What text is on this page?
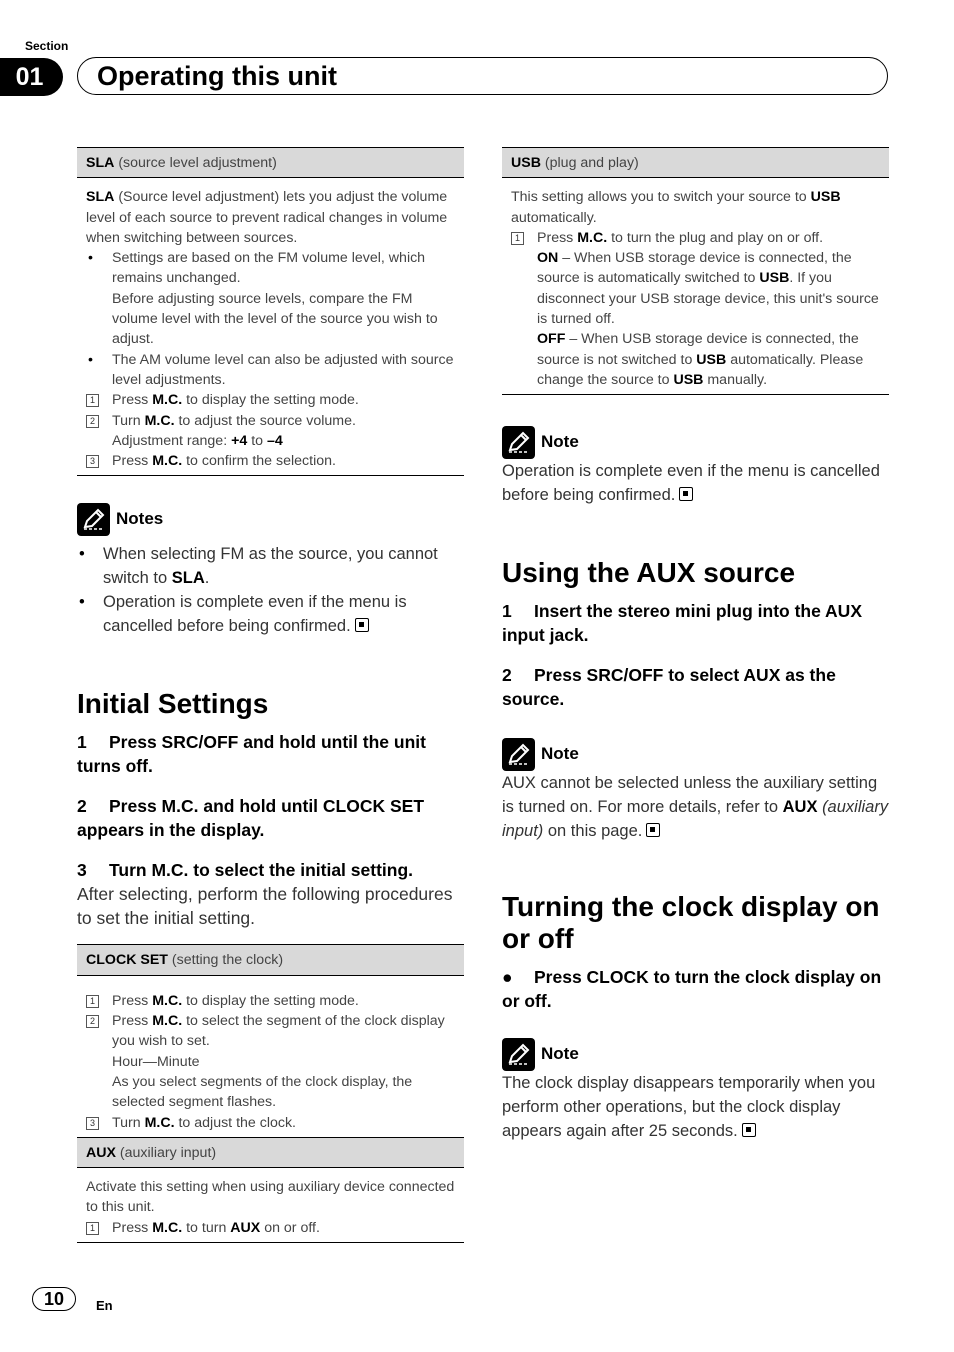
Section
01	Operating this unit
SLA (source level adjustment)

SLA (Source level adjustment) lets you adjust the volume level of each source to prevent radical changes in volume when switching between sources.

• Settings are based on the FM volume level, which remains unchanged.
Before adjusting source levels, compare the FM volume level with the level of the source you wish to adjust.
• The AM volume level can also be adjusted with source level adjustments.
1 Press M.C. to display the setting mode.
2 Turn M.C. to adjust the source volume.
Adjustment range: +4 to –4
3 Press M.C. to confirm the selection.
Notes
• When selecting FM as the source, you cannot switch to SLA.
• Operation is complete even if the menu is cancelled before being confirmed.
Initial Settings

1 Press SRC/OFF and hold until the unit turns off.

2 Press M.C. and hold until CLOCK SET appears in the display.

3 Turn M.C. to select the initial setting.

After selecting, perform the following procedures to set the initial setting.

CLOCK SET (setting the clock)
1 Press M.C. to display the setting mode.
2 Press M.C. to select the segment of the clock display you wish to set.
Hour—Minute
As you select segments of the clock display, the selected segment flashes.
3 Turn M.C. to adjust the clock.
AUX (auxiliary input)

Activate this setting when using auxiliary device connected to this unit.

1 Press M.C. to turn AUX on or off.
USB (plug and play)

This setting allows you to switch your source to USB automatically.

1 Press M.C. to turn the plug and play on or off.
ON – When USB storage device is connected, the source is automatically switched to USB. If you disconnect your USB storage device, this unit's source is turned off.
OFF – When USB storage device is connected, the source is not switched to USB automatically. Please change the source to USB manually.
Note

Operation is complete even if the menu is cancelled before being confirmed.

Using the AUX source

1 Insert the stereo mini plug into the AUX input jack.

2 Press SRC/OFF to select AUX as the source.

Note

AUX cannot be selected unless the auxiliary setting is turned on. For more details, refer to AUX (auxiliary input) on this page.

Turning the clock display on or off

● Press CLOCK to turn the clock display on or off.

Note

The clock display disappears temporarily when you perform other operations, but the clock display appears again after 25 seconds.

10	En
